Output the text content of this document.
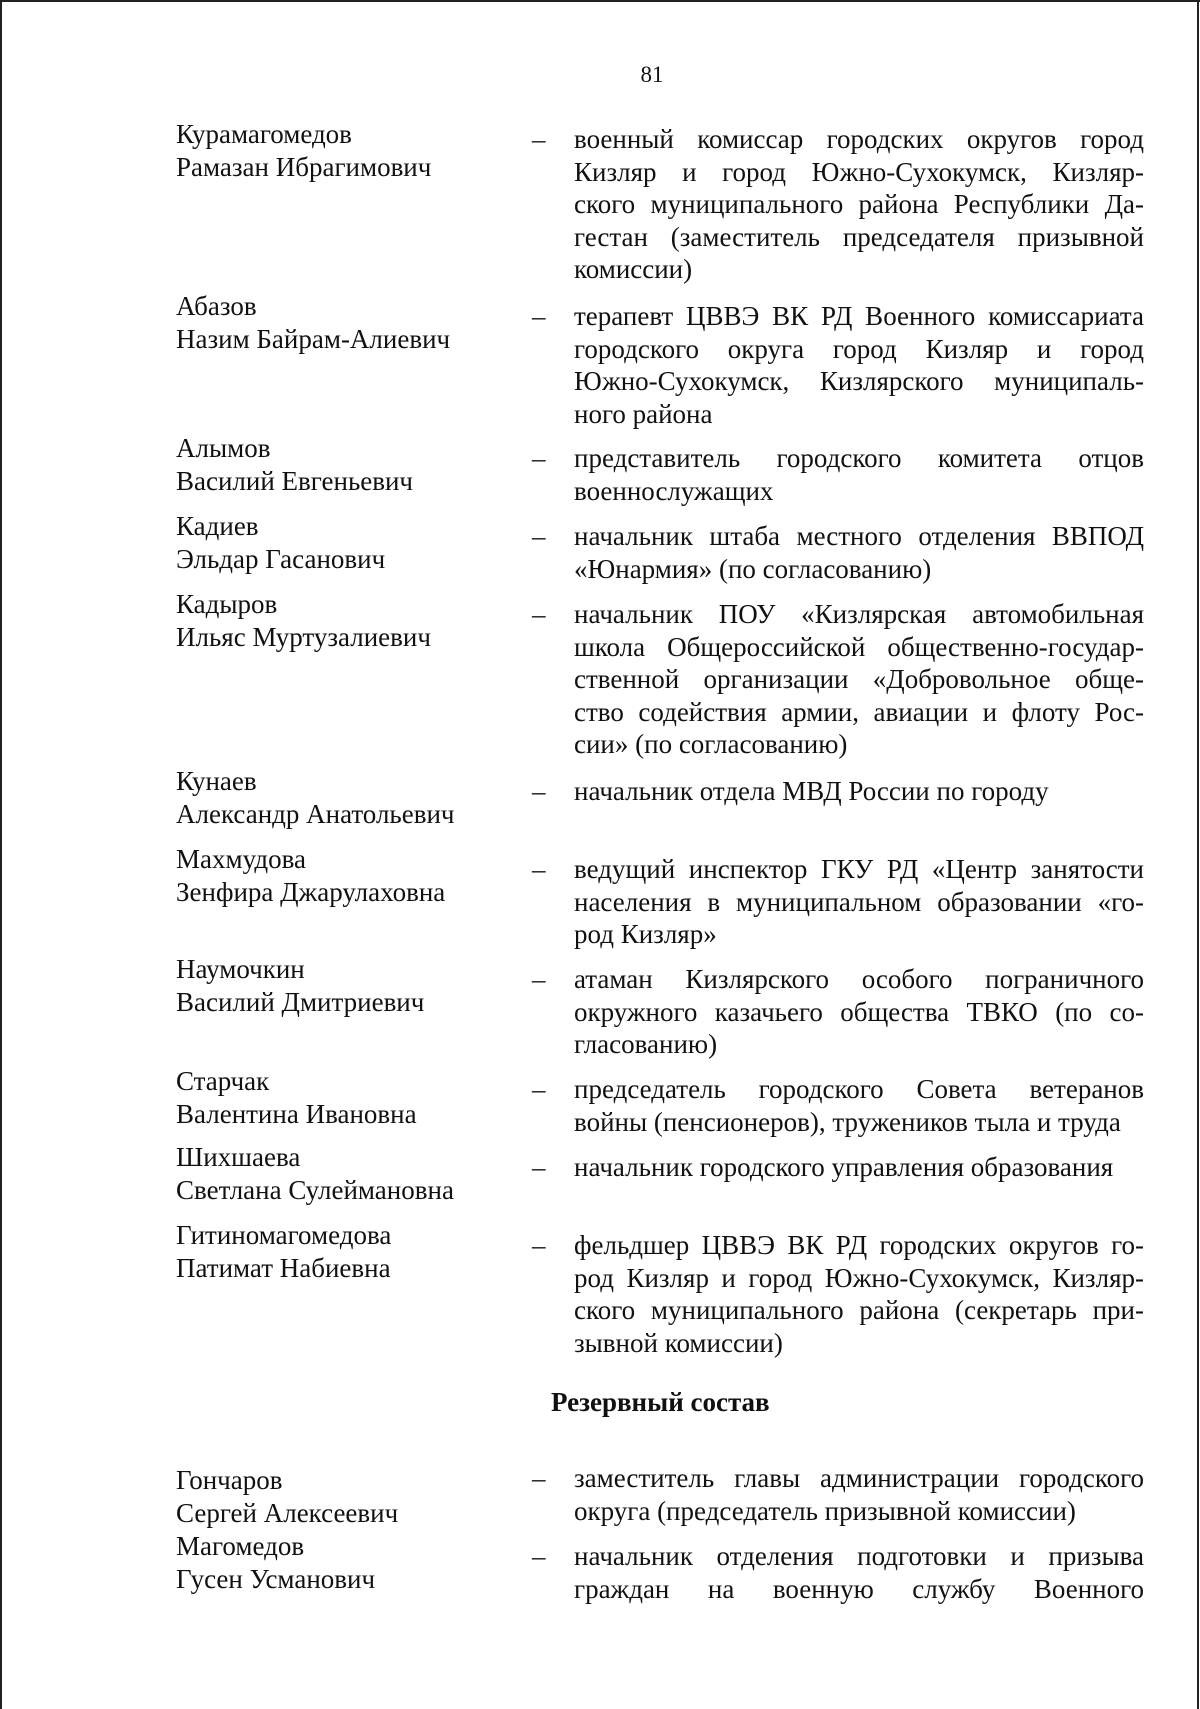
81
Курамагомедов
Рамазан Ибрагимович
–	военный комиссар городских округов город
Кизляр и город Южно-Сухокумск, Кизляр-
ского муниципального района Республики Да-
гестан (заместитель председателя призывной
комиссии)
Абазов
Назим Байрам-Алиевич
–	терапевт ЦВВЭ ВК РД Военного комиссариата
городского округа город Кизляр и город
Южно-Сухокумск, Кизлярского муниципаль-
ного района
Алымов
Василий Евгеньевич
–	представитель городского комитета отцов
военнослужащих
Кадиев
Эльдар Гасанович
–	начальник штаба местного отделения ВВПОД
«Юнармия» (по согласованию)
Кадыров
Ильяс Муртузалиевич
–	начальник ПОУ «Кизлярская автомобильная
школа Общероссийской общественно-государ-
ственной организации «Добровольное обще-
ство содействия армии, авиации и флоту Рос-
сии» (по согласованию)
Кунаев
Александр Анатольевич
–	начальник отдела МВД России по городу
Махмудова
Зенфира Джарулаховна
–	ведущий инспектор ГКУ РД «Центр занятости
населения в муниципальном образовании «го-
род Кизляр»
Наумочкин
Василий Дмитриевич
–	атаман Кизлярского особого пограничного
окружного казачьего общества ТВКО (по со-
гласованию)
Старчак
Валентина Ивановна
–	председатель городского Совета ветеранов
войны (пенсионеров), тружеников тыла и труда
Шихшаева
Светлана Сулеймановна
–	начальник городского управления образования
Гитиномагомедова
Патимат Набиевна
–	фельдшер ЦВВЭ ВК РД городских округов го-
род Кизляр и город Южно-Сухокумск, Кизляр-
ского муниципального района (секретарь при-
зывной комиссии)
Резервный состав
Гончаров
Сергей Алексеевич
–	заместитель главы администрации городского
округа (председатель призывной комиссии)
Магомедов
Гусен Усманович
–	начальник отделения подготовки и призыва
граждан на военную службу Военного
